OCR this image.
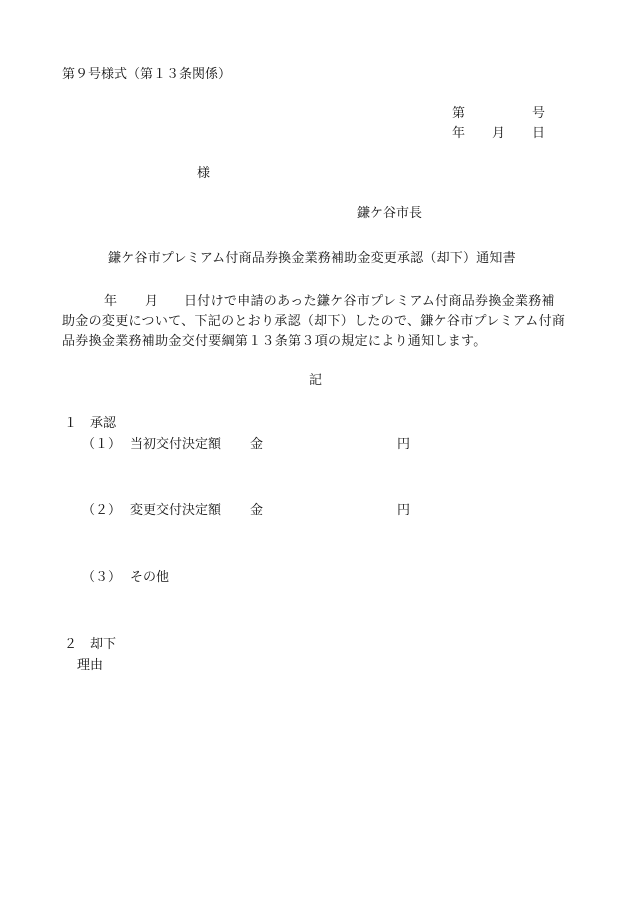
第９号様式（第１３条関係）
第	号
年 月 日
様
鎌ケ谷市長
鎌ケ谷市プレミアム付商品券換金業務補助金変更承認（却下）通知書
年 月 日付けで申請のあった鎌ケ谷市プレミアム付商品券換金業務補
助金の変更について、下記のとおり承認（却下）したので、鎌ケ谷市プレミアム付商
品券換金業務補助金交付要綱第１３条第３項の規定により通知します。
記
１　承認
（１） 当初交付決定額 金	円
（２） 変更交付決定額 金	円
（３） その他
２　却下
理由
